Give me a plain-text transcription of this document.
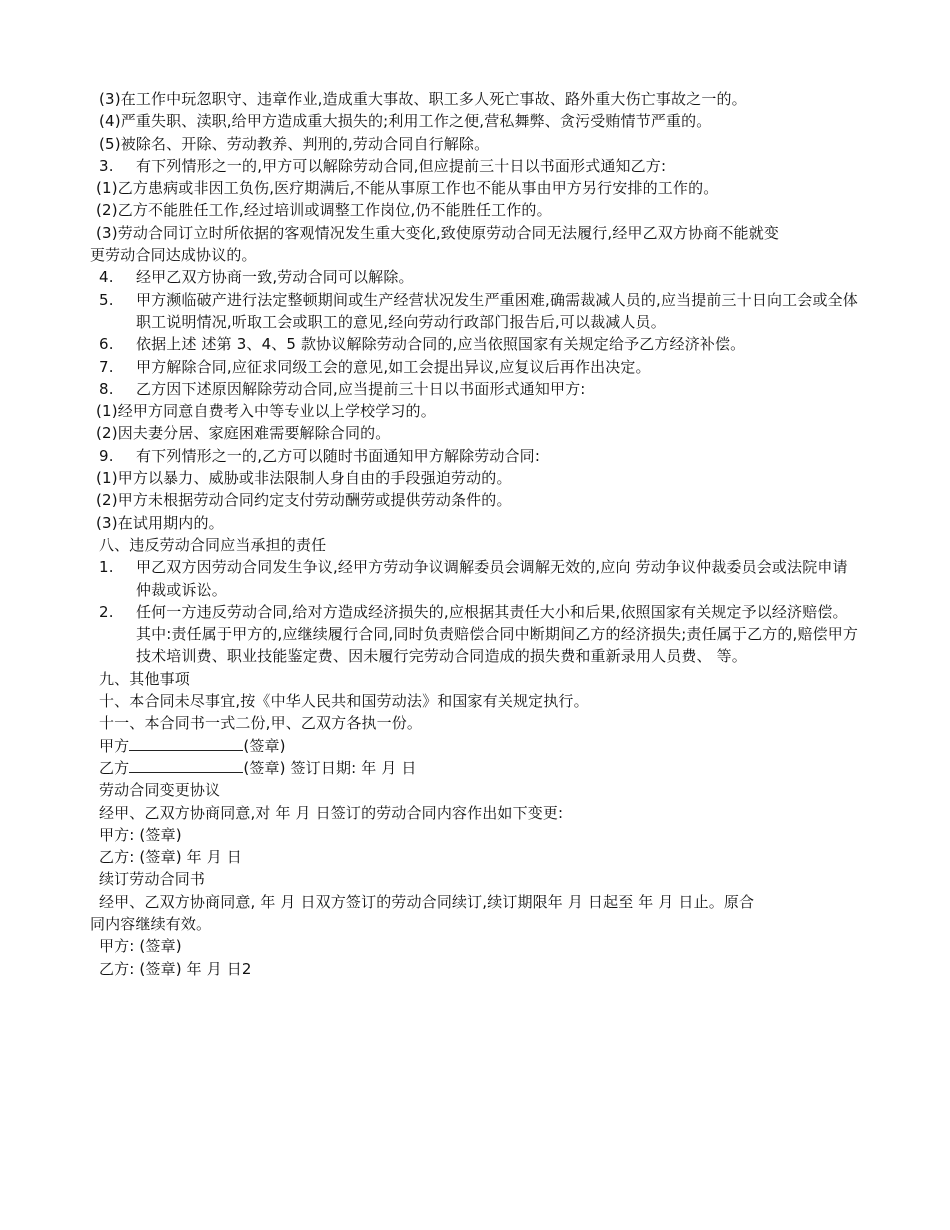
(3)在工作中玩忽职守、违章作业,造成重大事故、职工多人死亡事故、路外重大伤亡事故之一的。
(4)严重失职、渎职,给甲方造成重大损失的;利用工作之便,营私舞弊、贪污受贿情节严重的。
(5)被除名、开除、劳动教养、判刑的,劳动合同自行解除。
3.	有下列情形之一的,甲方可以解除劳动合同,但应提前三十日以书面形式通知乙方:
(1)乙方患病或非因工负伤,医疗期满后,不能从事原工作也不能从事由甲方另行安排的工作的。
(2)乙方不能胜任工作,经过培训或调整工作岗位,仍不能胜任工作的。
(3)劳动合同订立时所依据的客观情况发生重大变化,致使原劳动合同无法履行,经甲乙双方协商不能就变
更劳动合同达成协议的。
4.	经甲乙双方协商一致,劳动合同可以解除。
5.	甲方濒临破产进行法定整顿期间或生产经营状况发生严重困难,确需裁减人员的,应当提前三十日向工会或全体职工说明情况,听取工会或职工的意见,经向劳动行政部门报告后,可以裁减人员。
6.	依据上述 述第 3、4、5 款协议解除劳动合同的,应当依照国家有关规定给予乙方经济补偿。
7.	甲方解除合同,应征求同级工会的意见,如工会提出异议,应复议后再作出决定。
8.	乙方因下述原因解除劳动合同,应当提前三十日以书面形式通知甲方:
(1)经甲方同意自费考入中等专业以上学校学习的。
(2)因夫妻分居、家庭困难需要解除合同的。
9.	有下列情形之一的,乙方可以随时书面通知甲方解除劳动合同:
(1)甲方以暴力、威胁或非法限制人身自由的手段强迫劳动的。
(2)甲方未根据劳动合同约定支付劳动酬劳或提供劳动条件的。
(3)在试用期内的。
八、违反劳动合同应当承担的责任
1.	甲乙双方因劳动合同发生争议,经甲方劳动争议调解委员会调解无效的,应向 劳动争议仲裁委员会或法院申请仲裁或诉讼。
2.	任何一方违反劳动合同,给对方造成经济损失的,应根据其责任大小和后果,依照国家有关规定予以经济赔偿。其中:责任属于甲方的,应继续履行合同,同时负责赔偿合同中断期间乙方的经济损失;责任属于乙方的,赔偿甲方技术培训费、职业技能鉴定费、因未履行完劳动合同造成的损失费和重新录用人员费、 等。
九、其他事项
十、本合同未尽事宜,按《中华人民共和国劳动法》和国家有关规定执行。
十一、本合同书一式二份,甲、乙双方各执一份。
甲方	(签章)
乙方	(签章) 签订日期: 年 月 日
劳动合同变更协议
经甲、乙双方协商同意,对 年 月 日签订的劳动合同内容作出如下变更:
甲方: (签章)
乙方: (签章) 年 月 日
续订劳动合同书
经甲、乙双方协商同意, 年 月 日双方签订的劳动合同续订,续订期限年 月 日起至 年 月 日止。原合
同内容继续有效。
甲方: (签章)
乙方: (签章) 年 月 日2
